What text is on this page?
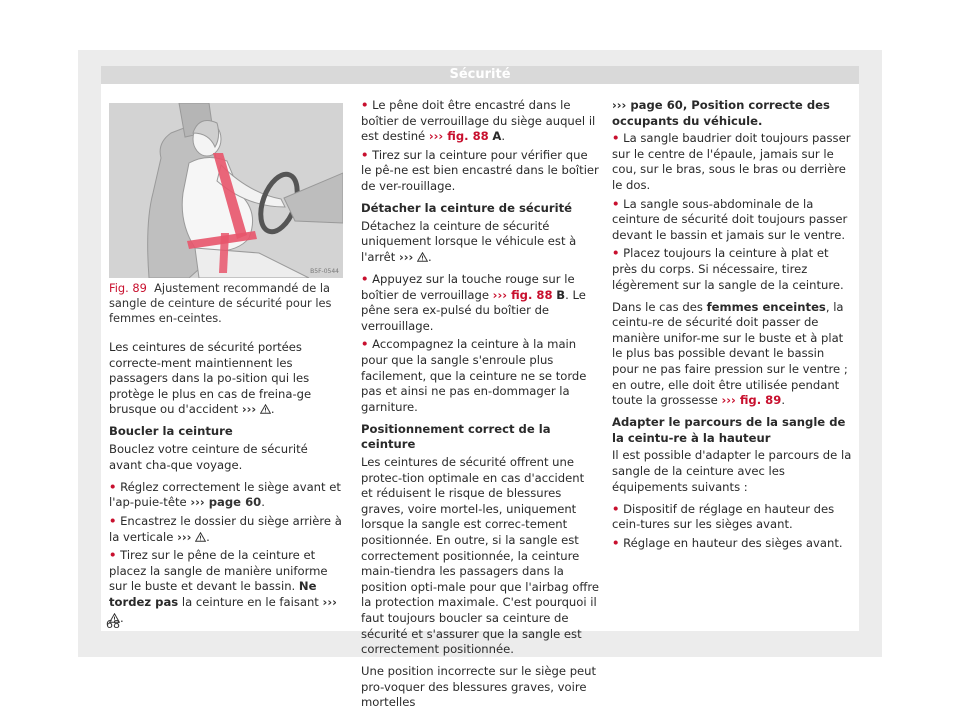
Sécurité
B5F-0544
Fig. 89 Ajustement recommandé de la sangle de ceinture de sécurité pour les femmes en-ceintes.

Les ceintures de sécurité portées correcte-ment maintiennent les passagers dans la po-sition qui les protège le plus en cas de freina-ge brusque ou d'accident ››› .

Boucler la ceinture

Bouclez votre ceinture de sécurité avant cha-que voyage.

• Réglez correctement le siège avant et l'ap-puie-tête ››› page 60.

• Encastrez le dossier du siège arrière à la verticale ››› .

• Tirez sur le pêne de la ceinture et placez la sangle de manière uniforme sur le buste et devant le bassin. Ne tordez pas la ceinture en le faisant ››› .

• Le pêne doit être encastré dans le boîtier de verrouillage du siège auquel il est destiné ››› fig. 88 A.

• Tirez sur la ceinture pour vérifier que le pê-ne est bien encastré dans le boîtier de ver-rouillage.

Détacher la ceinture de sécurité

Détachez la ceinture de sécurité uniquement lorsque le véhicule est à l'arrêt ››› .

• Appuyez sur la touche rouge sur le boîtier de verrouillage ››› fig. 88 B. Le pêne sera ex-pulsé du boîtier de verrouillage.

• Accompagnez la ceinture à la main pour que la sangle s'enroule plus facilement, que la ceinture ne se torde pas et ainsi ne pas en-dommager la garniture.

Positionnement correct de la ceinture

Les ceintures de sécurité offrent une protec-tion optimale en cas d'accident et réduisent le risque de blessures graves, voire mortel-les, uniquement lorsque la sangle est correc-tement positionnée. En outre, si la sangle est correctement positionnée, la ceinture main-tiendra les passagers dans la position opti-male pour que l'airbag offre la protection maximale. C'est pourquoi il faut toujours boucler sa ceinture de sécurité et s'assurer que la sangle est correctement positionnée.

Une position incorrecte sur le siège peut pro-voquer des blessures graves, voire mortelles

››› page 60, Position correcte des occupants du véhicule.

• La sangle baudrier doit toujours passer sur le centre de l'épaule, jamais sur le cou, sur le bras, sous le bras ou derrière le dos.

• La sangle sous-abdominale de la ceinture de sécurité doit toujours passer devant le bassin et jamais sur le ventre.

• Placez toujours la ceinture à plat et près du corps. Si nécessaire, tirez légèrement sur la sangle de la ceinture.

Dans le cas des femmes enceintes, la ceintu-re de sécurité doit passer de manière unifor-me sur le buste et à plat le plus bas possible devant le bassin pour ne pas faire pression sur le ventre ; en outre, elle doit être utilisée pendant toute la grossesse ››› fig. 89.

Adapter le parcours de la sangle de la ceintu-re à la hauteur

Il est possible d'adapter le parcours de la sangle de la ceinture avec les équipements suivants :

• Dispositif de réglage en hauteur des cein-tures sur les sièges avant.

• Réglage en hauteur des sièges avant.

68
